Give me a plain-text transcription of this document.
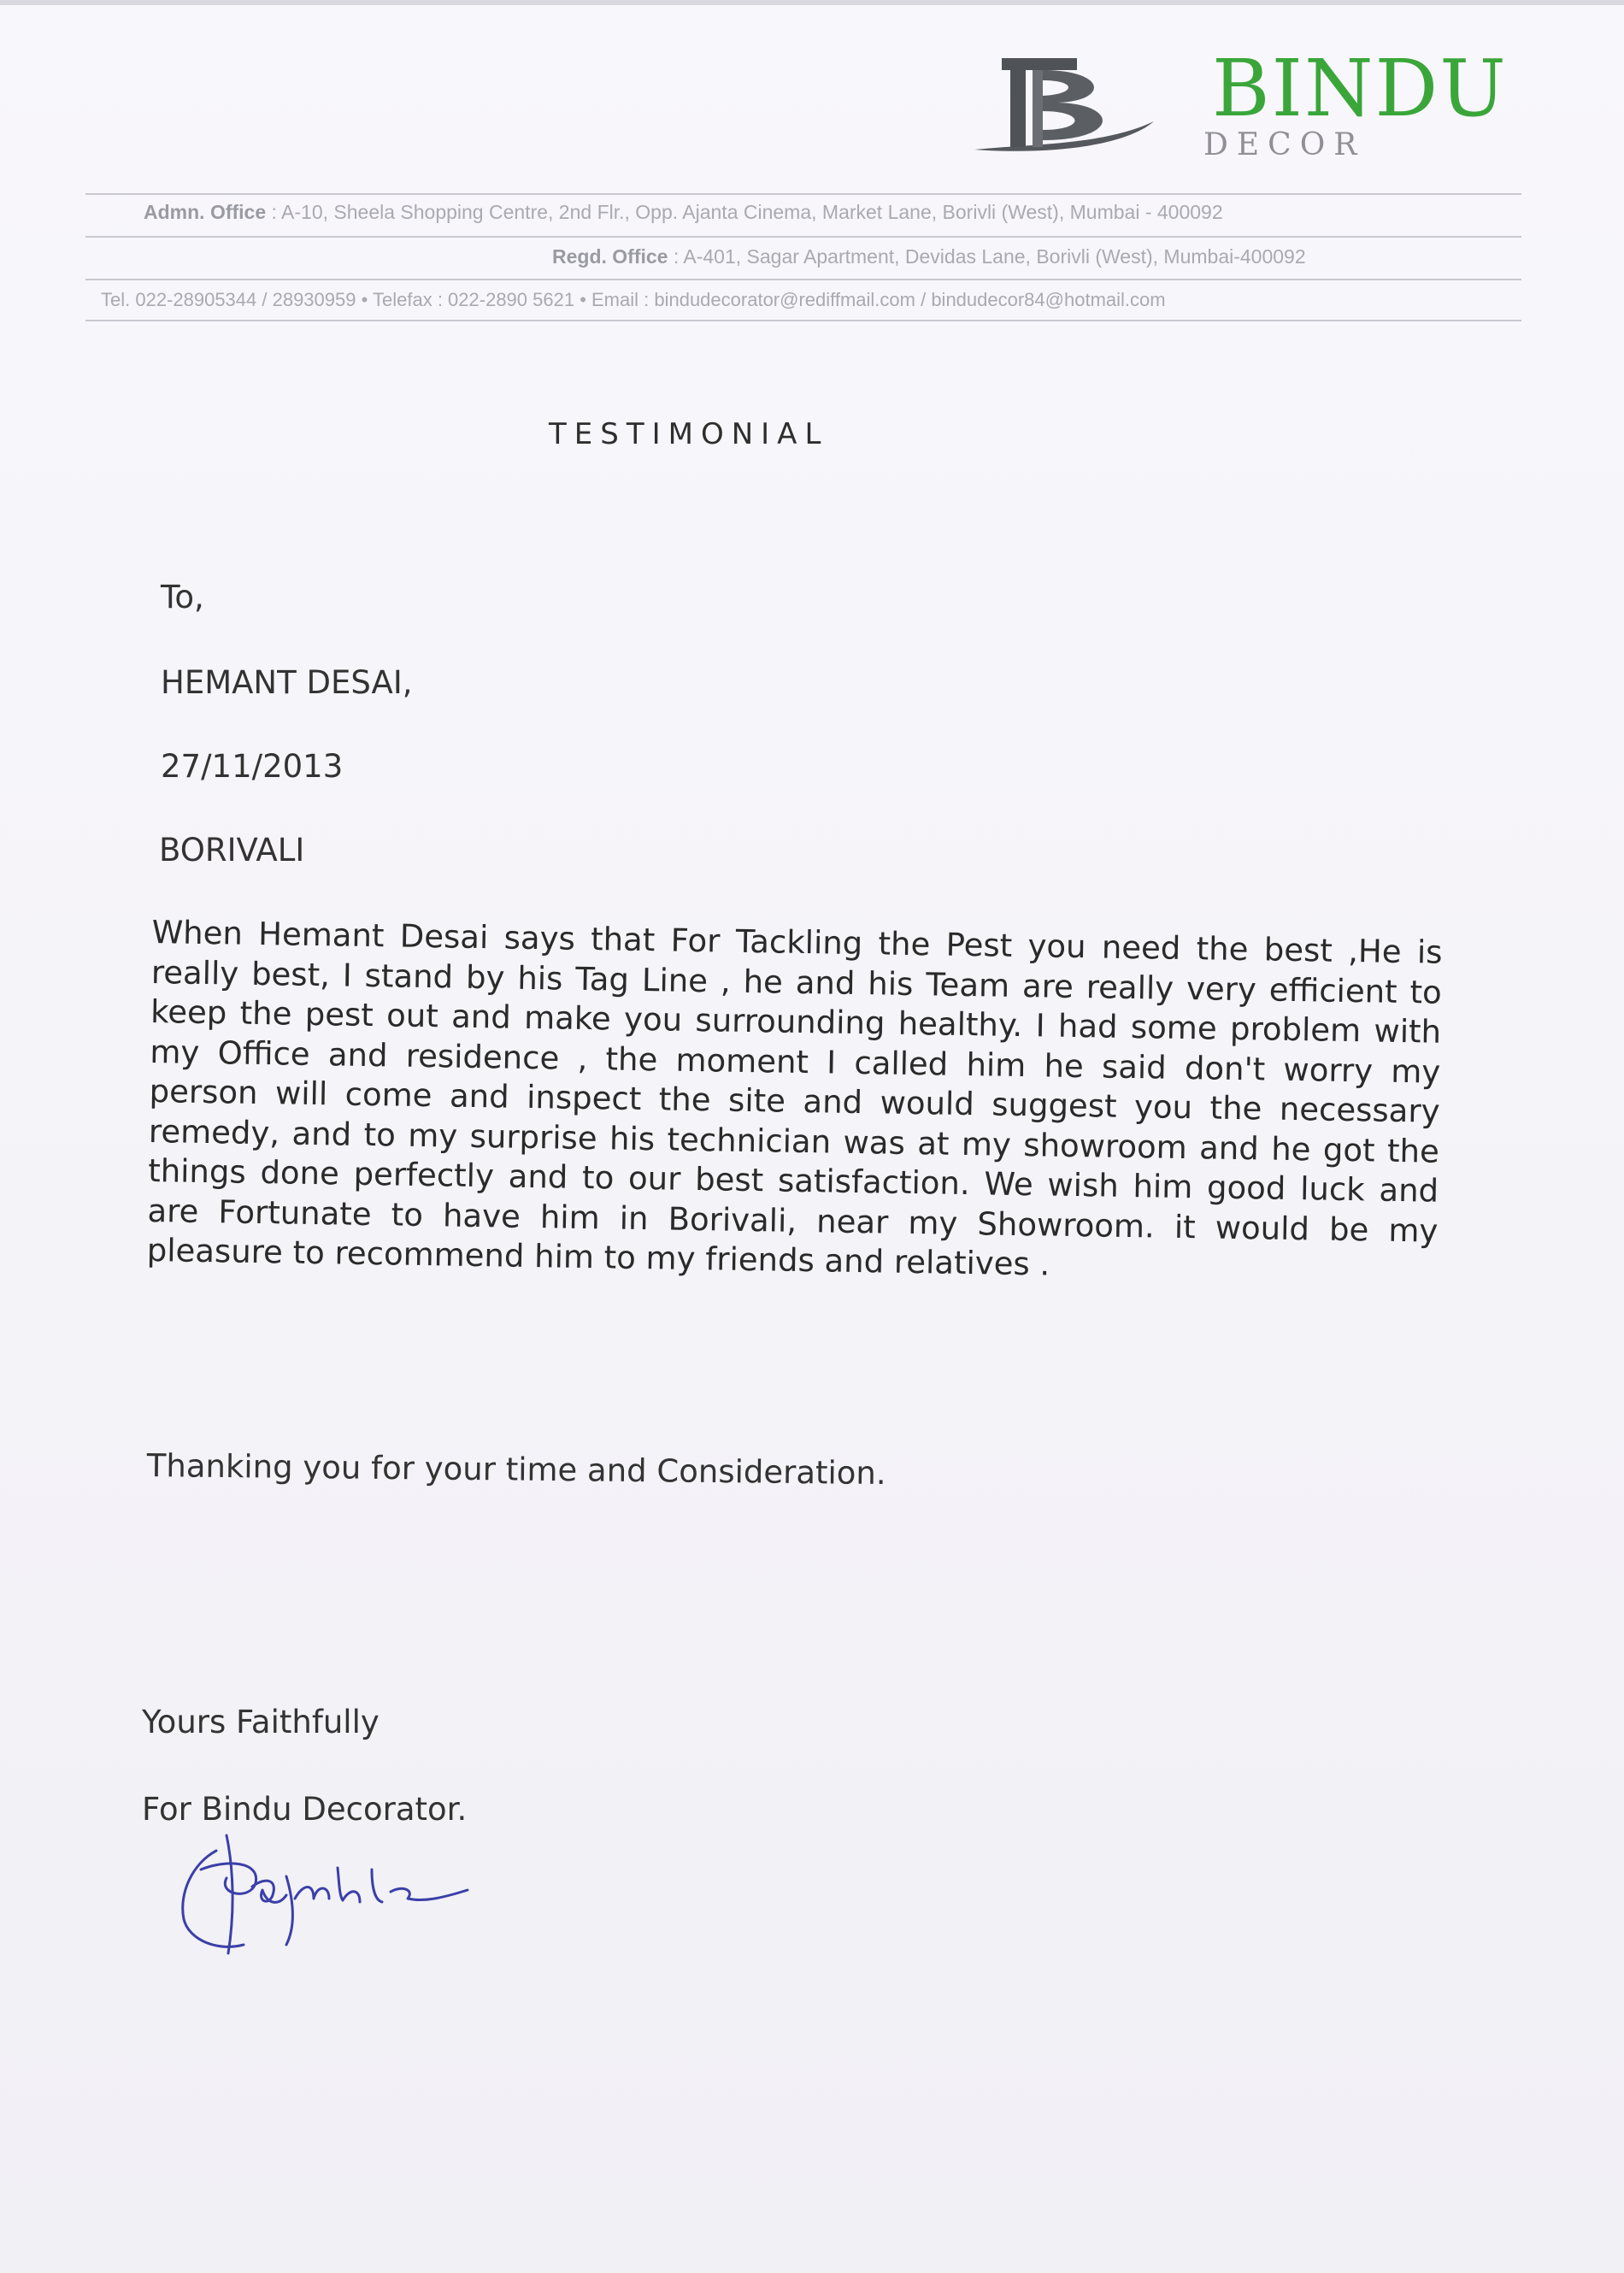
BINDU
DECOR
Admn. Office : A-10, Sheela Shopping Centre, 2nd Flr., Opp. Ajanta Cinema, Market Lane, Borivli (West), Mumbai - 400092
Regd. Office : A-401, Sagar Apartment, Devidas Lane, Borivli (West), Mumbai-400092
Tel. 022-28905344 / 28930959 • Telefax : 022-2890 5621 • Email : bindudecorator@rediffmail.com / bindudecor84@hotmail.com
TESTIMONIAL
To,
HEMANT DESAI,
27/11/2013
BORIVALI
When Hemant Desai says that For Tackling the Pest you need the best ,He is really best, I stand by his Tag Line , he and his Team are really very efficient to keep the pest out and make you surrounding healthy. I had some problem with my Office and residence , the moment I called him he said don't worry my person will come and inspect the site and would suggest you the necessary remedy, and to my surprise his technician was at my showroom and he got the things done perfectly and to our best satisfaction. We wish him good luck and are Fortunate to have him in Borivali, near my Showroom. it would be my pleasure to recommend him to my friends and relatives .
Thanking you for your time and Consideration.
Yours Faithfully
For Bindu Decorator.
